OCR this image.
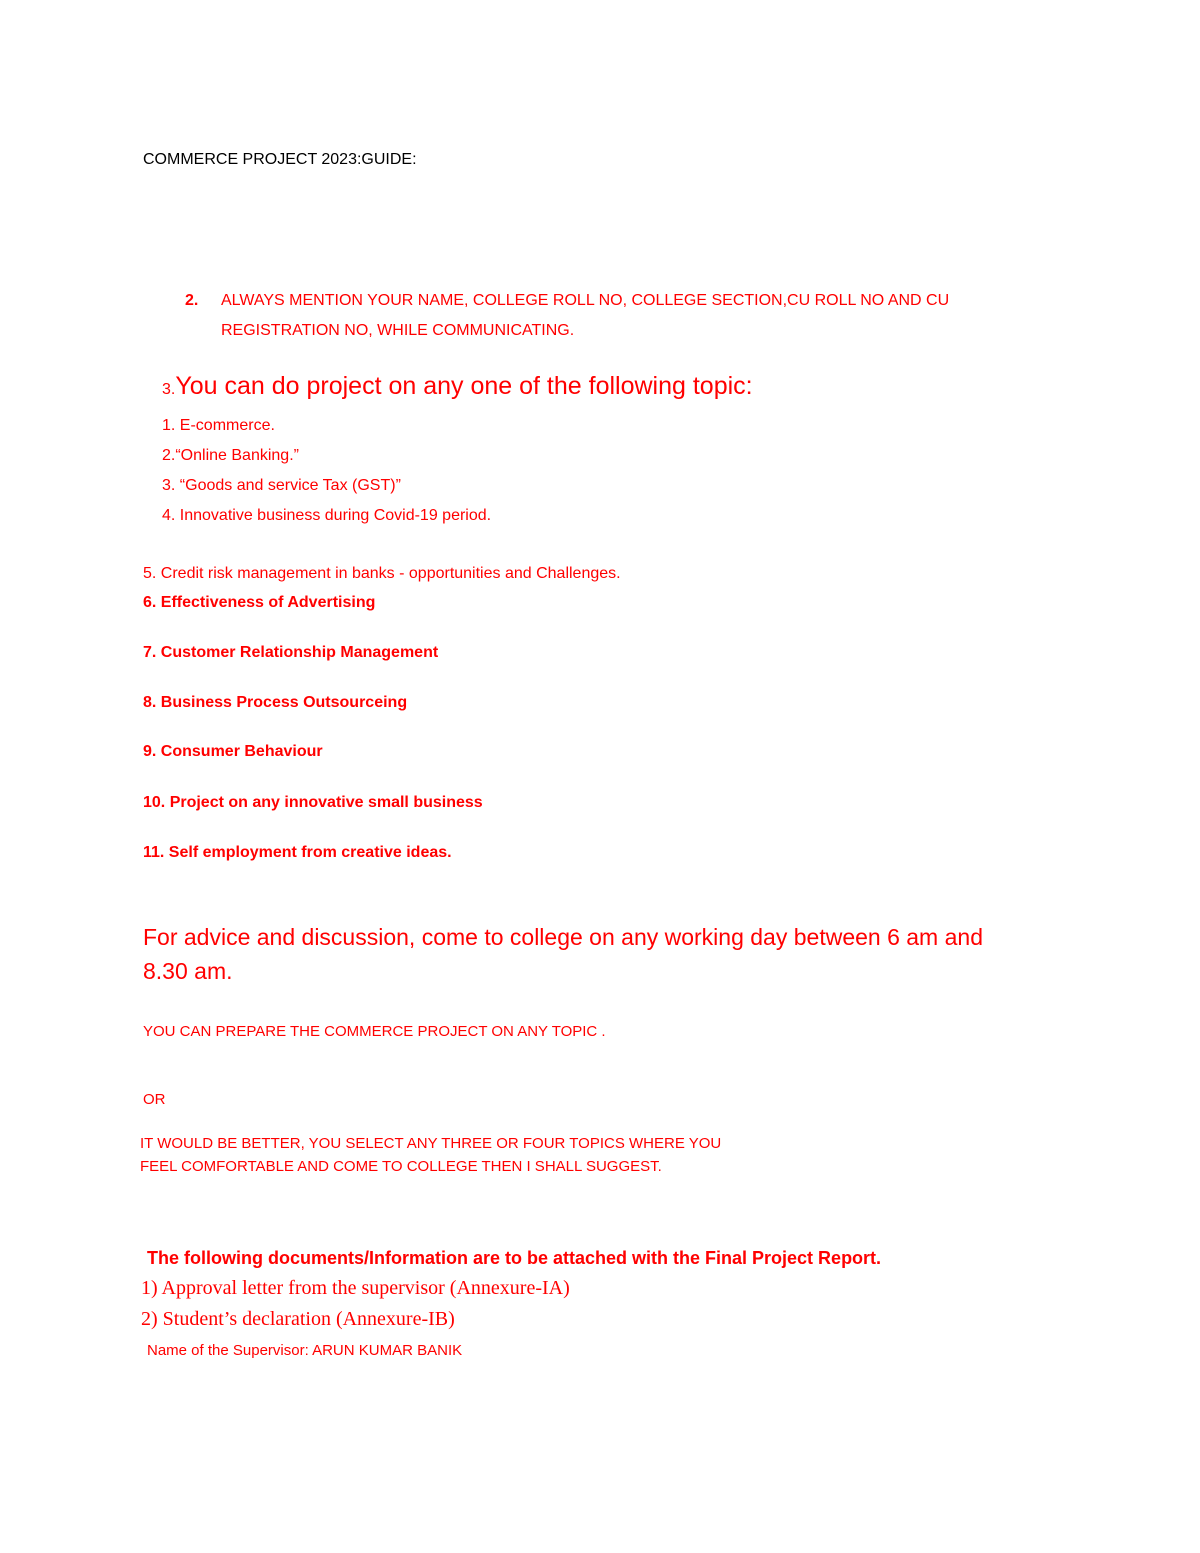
COMMERCE PROJECT 2023:GUIDE:
2. ALWAYS MENTION YOUR NAME, COLLEGE ROLL NO, COLLEGE SECTION,CU ROLL NO AND CU
REGISTRATION NO, WHILE COMMUNICATING.
3.You can do project on any one of the following topic:
1. E-commerce.
2.“Online Banking.”
3. “Goods and service Tax (GST)”
4. Innovative business during Covid-19 period.
5. Credit risk management in banks - opportunities and Challenges.
6. Effectiveness of Advertising
7. Customer Relationship Management
8. Business Process Outsourceing
9. Consumer Behaviour
10. Project on any innovative small business
11. Self employment from creative ideas.
For advice and discussion, come to college on any working day between 6 am and
8.30 am.
YOU CAN PREPARE THE COMMERCE PROJECT ON ANY TOPIC .
OR
IT WOULD BE BETTER, YOU SELECT ANY THREE OR FOUR TOPICS WHERE YOU
FEEL COMFORTABLE AND COME TO COLLEGE THEN I SHALL SUGGEST.
The following documents/Information are to be attached with the Final Project Report.
1) Approval letter from the supervisor (Annexure-IA)
2) Student’s declaration (Annexure-IB)
Name of the Supervisor: ARUN KUMAR BANIK
